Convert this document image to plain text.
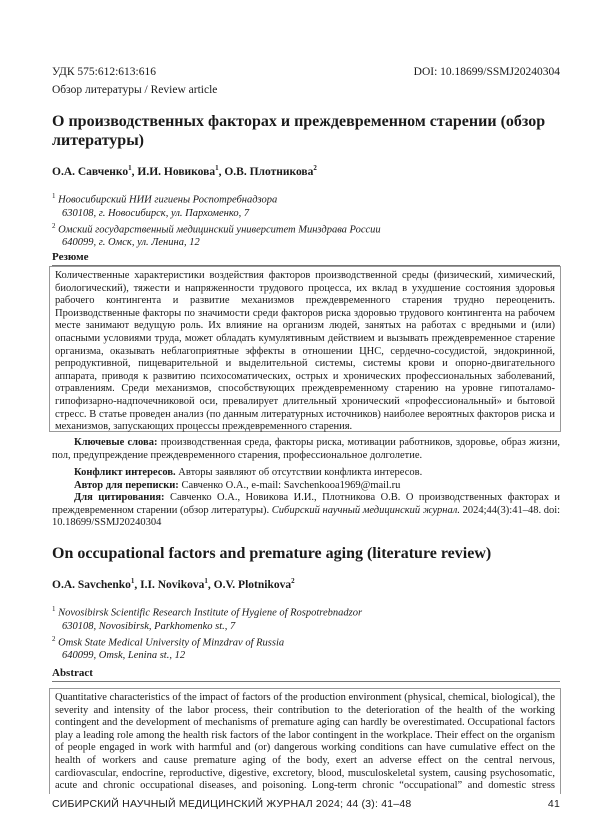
УДК 575:612:613:616	DOI: 10.18699/SSMJ20240304
Обзор литературы / Review article
О производственных факторах и преждевременном старении (обзор литературы)

О.А. Савченко$^1$, И.И. Новикова$^1$, О.В. Плотникова$^2$

$^1$ Новосибирский НИИ гигиены Роспотребнадзора
630108, г. Новосибирск, ул. Пархоменко, 7
$^2$ Омский государственный медицинский университет Минздрава России
640099, г. Омск, ул. Ленина, 12
Резюме
Количественные характеристики воздействия факторов производственной среды (физический, химический, биологический), тяжести и напряженности трудового процесса, их вклад в ухудшение состояния здоровья рабочего контингента и развитие механизмов преждевременного старения трудно переоценить. Производственные факторы по значимости среди факторов риска здоровью трудового контингента на рабочем месте занимают ведущую роль. Их влияние на организм людей, занятых на работах с вредными и (или) опасными условиями труда, может обладать кумулятивным действием и вызывать преждевременное старение организма, оказывать неблагоприятные эффекты в отношении ЦНС, сердечно-сосудистой, эндокринной, репродуктивной, пищеварительной и выделительной системы, системы крови и опорно-двигательного аппарата, приводя к развитию психосоматических, острых и хронических профессиональных заболеваний, отравлениям. Среди механизмов, способствующих преждевременному старению на уровне гипоталамо-гипофизарно-надпочечниковой оси, превалирует длительный хронический «профессиональный» и бытовой стресс. В статье проведен анализ (по данным литературных источников) наиболее вероятных факторов риска и механизмов, запускающих процессы преждевременного старения.

Ключевые слова: производственная среда, факторы риска, мотивации работников, здоровье, образ жизни, пол, предупреждение преждевременного старения, профессиональное долголетие.

Конфликт интересов. Авторы заявляют об отсутствии конфликта интересов.

Автор для переписки: Савченко О.А., e-mail: Savchenkooa1969@mail.ru

Для цитирования: Савченко О.А., Новикова И.И., Плотникова О.В. О производственных факторах и преждевременном старении (обзор литературы). Сибирский научный медицинский журнал. 2024;44(3):41–48. doi: 10.18699/SSMJ20240304

On occupational factors and premature aging (literature review)

O.A. Savchenko$^1$, I.I. Novikova$^1$, O.V. Plotnikova$^2$

$^1$ Novosibirsk Scientific Research Institute of Hygiene of Rospotrebnadzor
630108, Novosibirsk, Parkhomenko st., 7
$^2$ Omsk State Medical University of Minzdrav of Russia
640099, Omsk, Lenina st., 12
Abstract
Quantitative characteristics of the impact of factors of the production environment (physical, chemical, biological), the severity and intensity of the labor process, their contribution to the deterioration of the health of the working contingent and the development of mechanisms of premature aging can hardly be overestimated. Occupational factors play a leading role among the health risk factors of the labor contingent in the workplace. Their effect on the organism of people engaged in work with harmful and (or) dangerous working conditions can have cumulative effect on the health of workers and cause premature aging of the body, exert an adverse effect on the central nervous, cardiovascular, endocrine, reproductive, digestive, excretory, blood, musculoskeletal system, causing psychosomatic, acute and chronic occupational diseases, and poisoning. Long-term chronic “occupational” and domestic stress
СИБИРСКИЙ НАУЧНЫЙ МЕДИЦИНСКИЙ ЖУРНАЛ 2024; 44 (3): 41–48	41
